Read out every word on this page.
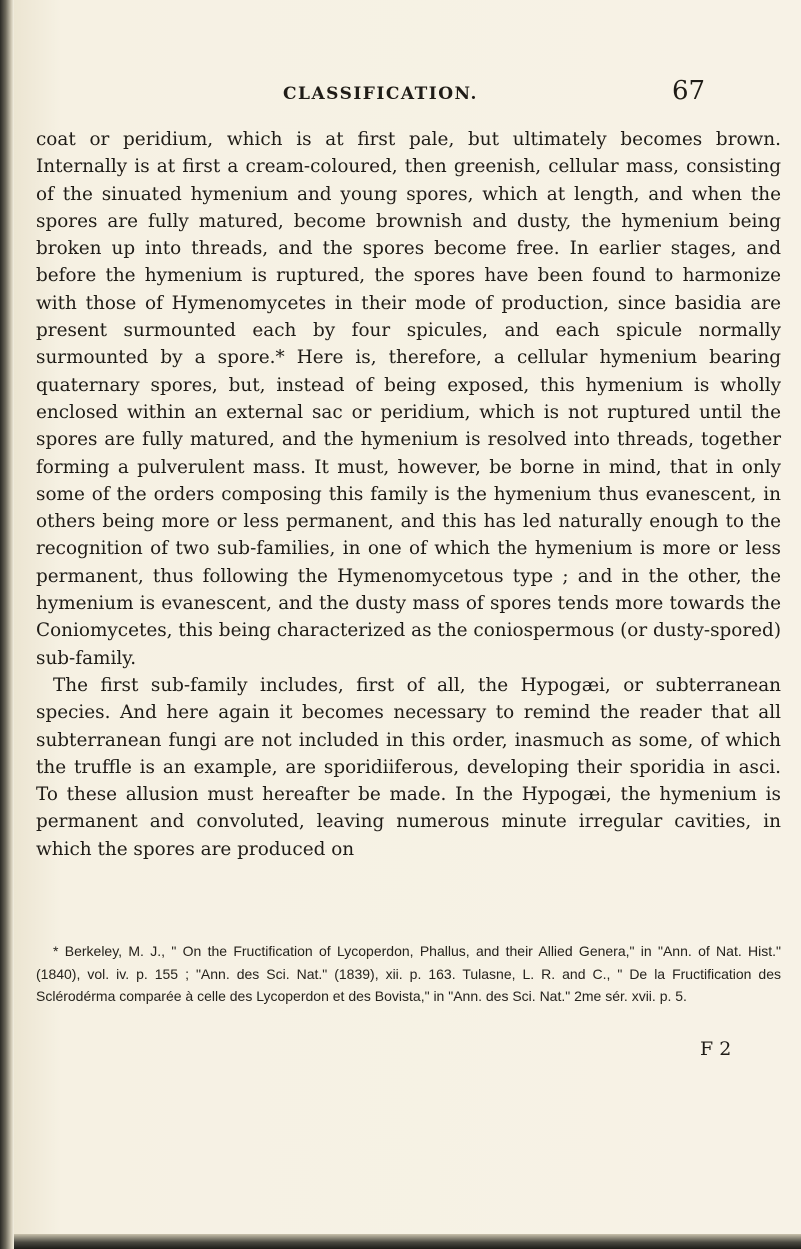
CLASSIFICATION.	67

coat or peridium, which is at first pale, but ultimately becomes brown. Internally is at first a cream-coloured, then greenish, cellular mass, consisting of the sinuated hymenium and young spores, which at length, and when the spores are fully matured, become brownish and dusty, the hymenium being broken up into threads, and the spores become free. In earlier stages, and before the hymenium is ruptured, the spores have been found to harmonize with those of Hymenomycetes in their mode of production, since basidia are present surmounted each by four spicules, and each spicule normally surmounted by a spore.* Here is, therefore, a cellular hymenium bearing quaternary spores, but, instead of being exposed, this hymenium is wholly enclosed within an external sac or peridium, which is not ruptured until the spores are fully matured, and the hymenium is resolved into threads, together forming a pulverulent mass. It must, however, be borne in mind, that in only some of the orders composing this family is the hymenium thus evanescent, in others being more or less permanent, and this has led naturally enough to the recognition of two sub-families, in one of which the hymenium is more or less permanent, thus following the Hymenomycetous type ; and in the other, the hymenium is evanescent, and the dusty mass of spores tends more towards the Coniomycetes, this being characterized as the coniospermous (or dusty-spored) sub-family.

The first sub-family includes, first of all, the Hypogæi, or subterranean species. And here again it becomes necessary to remind the reader that all subterranean fungi are not included in this order, inasmuch as some, of which the truffle is an example, are sporidiiferous, developing their sporidia in asci. To these allusion must hereafter be made. In the Hypogæi, the hymenium is permanent and convoluted, leaving numerous minute irregular cavities, in which the spores are produced on

* Berkeley, M. J., " On the Fructification of Lycoperdon, Phallus, and their Allied Genera," in "Ann. of Nat. Hist." (1840), vol. iv. p. 155 ; "Ann. des Sci. Nat." (1839), xii. p. 163. Tulasne, L. R. and C., " De la Fructification des Sclérodérma comparée à celle des Lycoperdon et des Bovista," in "Ann. des Sci. Nat." 2me sér. xvii. p. 5.
F 2
